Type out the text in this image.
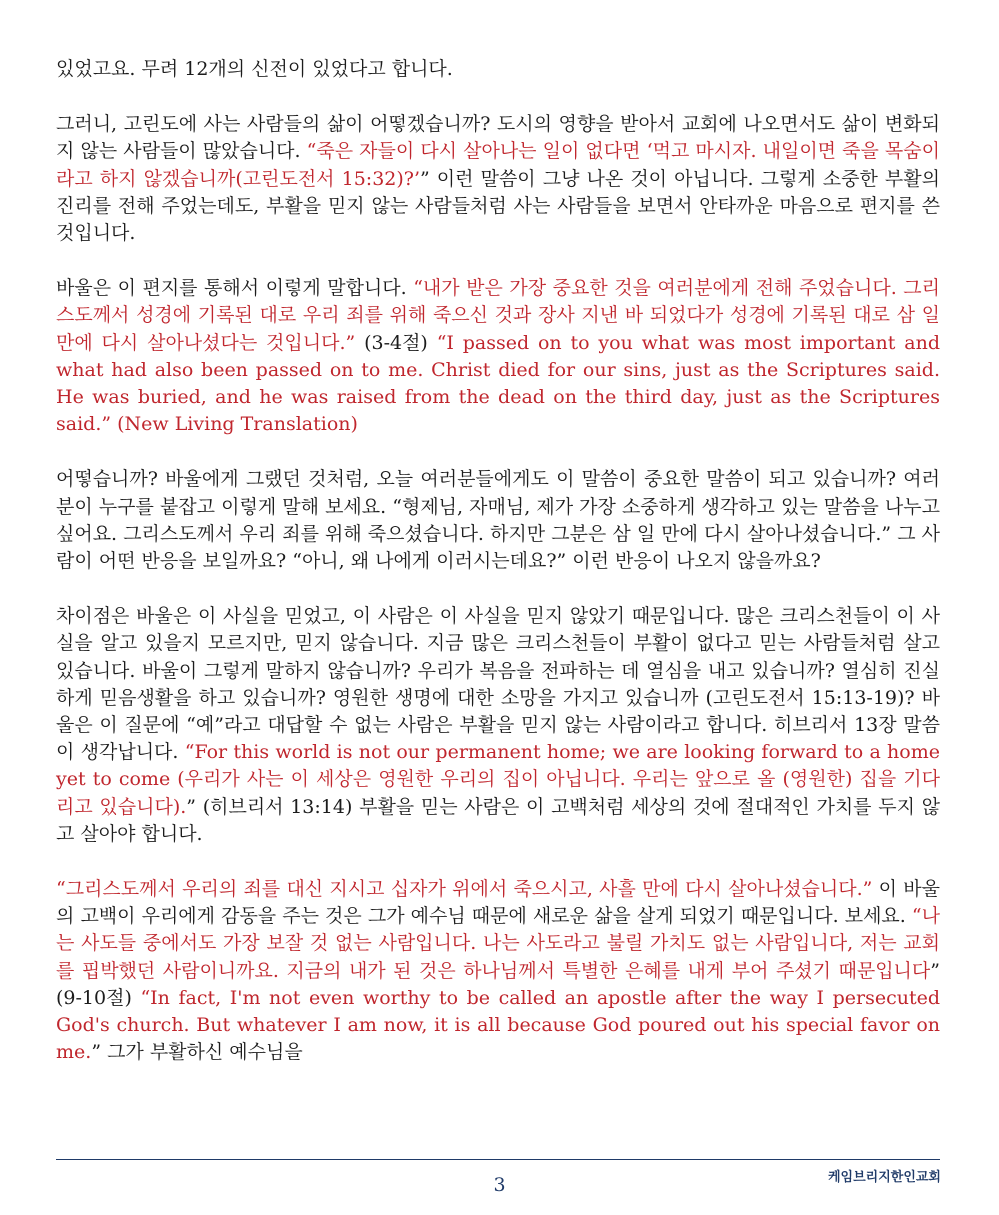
있었고요. 무려 12개의 신전이 있었다고 합니다.

그러니, 고린도에 사는 사람들의 삶이 어떻겠습니까? 도시의 영향을 받아서 교회에 나오면서도 삶이 변화되지 않는 사람들이 많았습니다. “죽은 자들이 다시 살아나는 일이 없다면 ‘먹고 마시자. 내일이면 죽을 목숨이라고 하지 않겠습니까(고린도전서 15:32)?’” 이런 말씀이 그냥 나온 것이 아닙니다. 그렇게 소중한 부활의 진리를 전해 주었는데도, 부활을 믿지 않는 사람들처럼 사는 사람들을 보면서 안타까운 마음으로 편지를 쓴 것입니다.

바울은 이 편지를 통해서 이렇게 말합니다. “내가 받은 가장 중요한 것을 여러분에게 전해 주었습니다. 그리스도께서 성경에 기록된 대로 우리 죄를 위해 죽으신 것과 장사 지낸 바 되었다가 성경에 기록된 대로 삼 일 만에 다시 살아나셨다는 것입니다.” (3-4절) “I passed on to you what was most important and what had also been passed on to me. Christ died for our sins, just as the Scriptures said. He was buried, and he was raised from the dead on the third day, just as the Scriptures said.” (New Living Translation)

어떻습니까? 바울에게 그랬던 것처럼, 오늘 여러분들에게도 이 말씀이 중요한 말씀이 되고 있습니까? 여러분이 누구를 붙잡고 이렇게 말해 보세요. “형제님, 자매님, 제가 가장 소중하게 생각하고 있는 말씀을 나누고 싶어요. 그리스도께서 우리 죄를 위해 죽으셨습니다. 하지만 그분은 삼 일 만에 다시 살아나셨습니다.” 그 사람이 어떤 반응을 보일까요? “아니, 왜 나에게 이러시는데요?” 이런 반응이 나오지 않을까요?

차이점은 바울은 이 사실을 믿었고, 이 사람은 이 사실을 믿지 않았기 때문입니다. 많은 크리스천들이 이 사실을 알고 있을지 모르지만, 믿지 않습니다. 지금 많은 크리스천들이 부활이 없다고 믿는 사람들처럼 살고 있습니다. 바울이 그렇게 말하지 않습니까? 우리가 복음을 전파하는 데 열심을 내고 있습니까? 열심히 진실하게 믿음생활을 하고 있습니까? 영원한 생명에 대한 소망을 가지고 있습니까 (고린도전서 15:13-19)? 바울은 이 질문에 “예”라고 대답할 수 없는 사람은 부활을 믿지 않는 사람이라고 합니다. 히브리서 13장 말씀이 생각납니다. “For this world is not our permanent home; we are looking forward to a home yet to come (우리가 사는 이 세상은 영원한 우리의 집이 아닙니다. 우리는 앞으로 올 (영원한) 집을 기다리고 있습니다).” (히브리서 13:14) 부활을 믿는 사람은 이 고백처럼 세상의 것에 절대적인 가치를 두지 않고 살아야 합니다.

“그리스도께서 우리의 죄를 대신 지시고 십자가 위에서 죽으시고, 사흘 만에 다시 살아나셨습니다.” 이 바울의 고백이 우리에게 감동을 주는 것은 그가 예수님 때문에 새로운 삶을 살게 되었기 때문입니다. 보세요. “나는 사도들 중에서도 가장 보잘 것 없는 사람입니다. 나는 사도라고 불릴 가치도 없는 사람입니다, 저는 교회를 핍박했던 사람이니까요. 지금의 내가 된 것은 하나님께서 특별한 은혜를 내게 부어 주셨기 때문입니다” (9-10절) “In fact, I'm not even worthy to be called an apostle after the way I persecuted God's church. But whatever I am now, it is all because God poured out his special favor on me.” 그가 부활하신 예수님을

3	케임브리지한인교회
